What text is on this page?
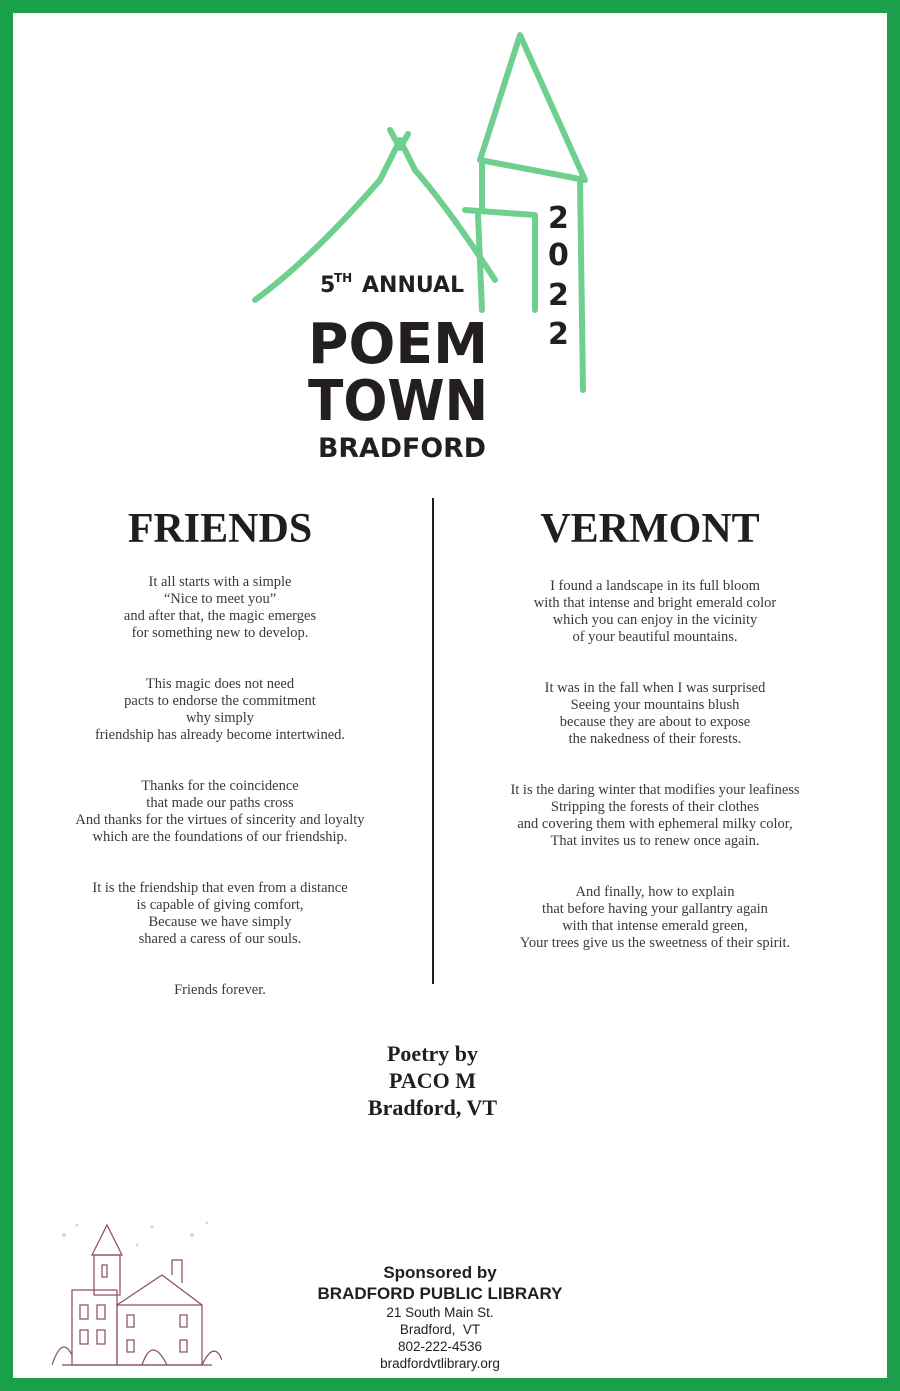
5
TH ANNUAL
POEM
TOWN
BRADFORD
2
0
2
2
FRIENDS	VERMONT
It all starts with a simple
“Nice to meet you”
and after that, the magic emerges
for something new to develop.
This magic does not need
pacts to endorse the commitment
why simply
friendship has already become intertwined.
Thanks for the coincidence
that made our paths cross
And thanks for the virtues of sincerity and loyalty
which are the foundations of our friendship.
It is the friendship that even from a distance
is capable of giving comfort,
Because we have simply
shared a caress of our souls.
Friends forever.
I found a landscape in its full bloom
with that intense and bright emerald color
which you can enjoy in the vicinity
of your beautiful mountains.
It was in the fall when I was surprised
Seeing your mountains blush
because they are about to expose
the nakedness of their forests.
It is the daring winter that modifies your leafiness
Stripping the forests of their clothes
and covering them with ephemeral milky color,
That invites us to renew once again.
And finally, how to explain
that before having your gallantry again
with that intense emerald green,
Your trees give us the sweetness of their spirit.
Poetry by
PACO M
Bradford, VT
Sponsored by
BRADFORD PUBLIC LIBRARY
21 South Main St.
Bradford,  VT
802-222-4536
bradfordvtlibrary.org
